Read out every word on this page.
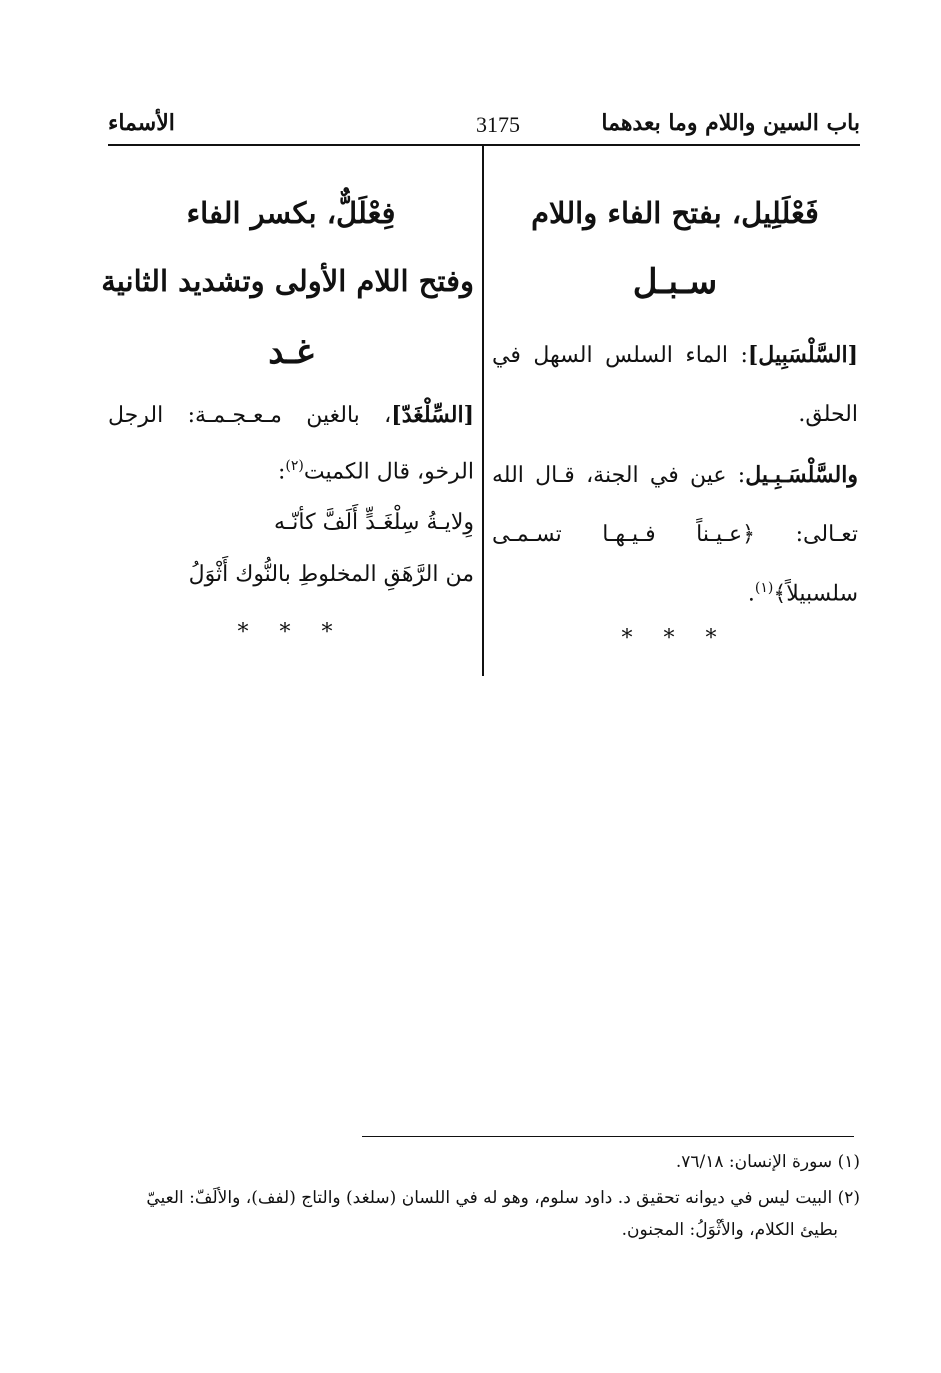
باب السين واللام وما بعدهما
3175
الأسماء
فَعْلَلِيل، بفتح الفاء واللام
سـبـل
[السَّلْسَبِيل]: الماء السلس السهل في
الحلق.
والسَّلْسَـبِـيل: عين في الجنة، قـال الله
تعـالى: ﴿عـيـناً فـيـهـا تسـمـى
سلسبيلاً﴾$^{(١)}$.
* * *
فِعْلَلٌّ، بكسر الفاء
وفتح اللام الأولى وتشديد الثانية
غـد
[السِّلْغَدّ]، بالغين مـعـجـمـة: الرجل
الرخو، قال الكميت$^{(٢)}$:
وِلايـةُ سِلْغَـدٍّ أَلَفَّ كأنّـه
من الرَّهَقِ المخلوطِ بالنُّوك أَثْوَلُ
* * *
(١) سورة الإنسان: ٧٦/١٨.
(٢) البيت ليس في ديوانه تحقيق د. داود سلوم، وهو له في اللسان (سلغد) والتاج (لفف)، والألَفّ: العييّ
بطيئ الكلام، والأثْوَلُ: المجنون.
